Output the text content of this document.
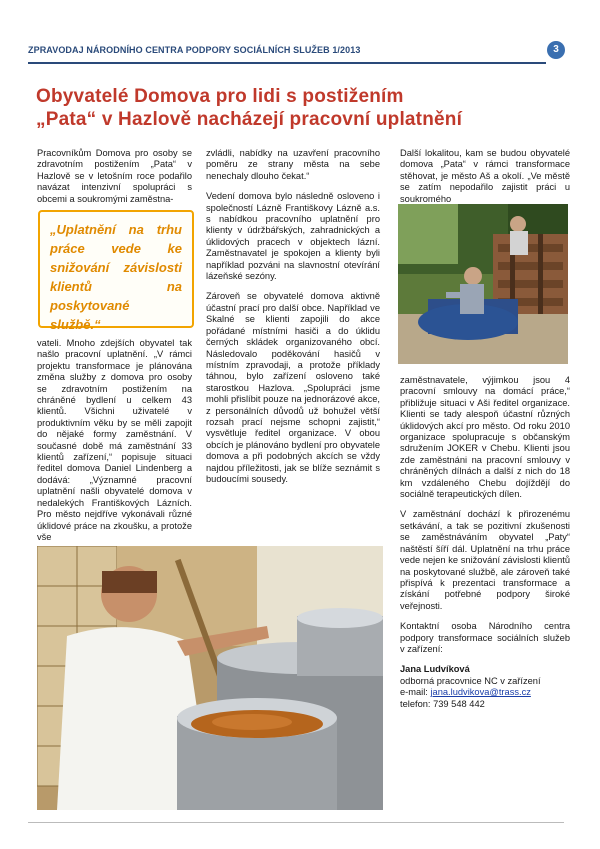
ZPRAVODAJ NÁRODNÍHO CENTRA PODPORY SOCIÁLNÍCH SLUŽEB 1/2013	3
Obyvatelé Domova pro lidi s postižením
„Pata“ v Hazlově nacházejí pracovní uplatnění

Pracovníkům Domova pro osoby se zdravotním postižením „Pata“ v Hazlově se v letošním roce podařilo navázat intenzivní spolupráci s obcemi a soukromými zaměstna-

„Uplatnění na trhu práce vede ke snižování závislosti klientů na poskytované službě.“

vateli. Mnoho zdejších obyvatel tak našlo pracovní uplatnění. „V rámci projektu transformace je plánována změna služby z domova pro osoby se zdravotním postižením na chráněné bydlení u celkem 43 klientů. Všichni uživatelé v produktivním věku by se měli zapojit do nějaké formy zaměstnání. V současné době má zaměstnání 33 klientů zařízení,“ popisuje situaci ředitel domova Daniel Lindenberg a dodává: „Významné pracovní uplatnění našli obyvatelé domova v nedalekých Františkových Lázních. Pro město nejdříve vykonávali různé úklidové práce na zkoušku, a protože vše

zvládli, nabídky na uzavření pracovního poměru ze strany města na sebe nenechaly dlouho čekat.“

Vedení domova bylo následně osloveno i společností Lázně Františkovy Lázně a.s. s nabídkou pracovního uplatnění pro klienty v údržbářských, zahradnických a úklidových pracech v objektech lázní. Zaměstnavatel je spokojen a klienty byli například pozváni na slavnostní otevírání lázeňské sezóny.

Zároveň se obyvatelé domova aktivně účastní prací pro další obce. Například ve Skalné se klienti zapojili do akce pořádané místními hasiči a do úklidu černých skládek organizovaného obcí. Následovalo poděkování hasičů v místním zpravodaji, a protože příklady táhnou, bylo zařízení osloveno také starostkou Hazlova. „Spolupráci jsme mohli přislíbit pouze na jednorázové akce, z personálních důvodů už bohužel větší rozsah prací nejsme schopni zajistit,“ vysvětluje ředitel organizace. V obou obcích je plánováno bydlení pro obyvatele domova a při podobných akcích se vždy najdou příležitosti, jak se blíže seznámit s budoucími sousedy.

Další lokalitou, kam se budou obyvatelé domova „Pata“ v rámci transformace stěhovat, je město Aš a okolí. „Ve městě se zatím nepodařilo zajistit práci u soukromého

zaměstnavatele, výjimkou jsou 4 pracovní smlouvy na domácí práce,“ přibližuje situaci v Aši ředitel organizace. Klienti se tady alespoň účastní různých úklidových akcí pro město. Od roku 2010 organizace spolupracuje s občanským sdružením JOKER v Chebu. Klienti jsou zde zaměstnáni na pracovní smlouvy v chráněných dílnách a další z nich do 18 km vzdáleného Chebu dojíždějí do sociálně terapeutických dílen.

V zaměstnání dochází k přirozenému setkávání, a tak se pozitivní zkušenosti se zaměstnáváním obyvatel „Paty“ naštěstí šíří dál. Uplatnění na trhu práce vede nejen ke snižování závislosti klientů na poskytované službě, ale zároveň také přispívá k prezentaci transformace a získání potřebné podpory široké veřejnosti.

Kontaktní osoba Národního centra podpory transformace sociálních služeb v zařízení:

Jana Ludvíková
odborná pracovnice NC v zařízení
e-mail: jana.ludvikova@trass.cz
telefon: 739 548 442
